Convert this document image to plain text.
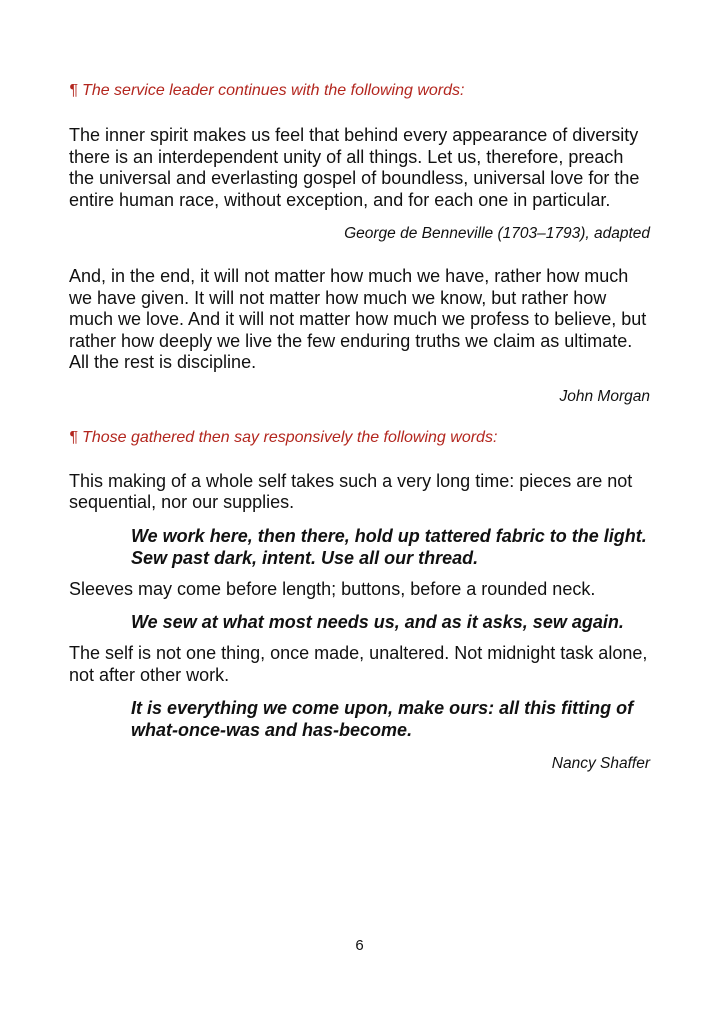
¶ The service leader continues with the following words:

The inner spirit makes us feel that behind every appearance of diversity there is an interdependent unity of all things. Let us, therefore, preach the universal and everlasting gospel of boundless, universal love for the entire human race, without exception, and for each one in particular.

George de Benneville (1703–1793), adapted

And, in the end, it will not matter how much we have, rather how much we have given. It will not matter how much we know, but rather how much we love. And it will not matter how much we profess to believe, but rather how deeply we live the few enduring truths we claim as ultimate. All the rest is discipline.

John Morgan

¶ Those gathered then say responsively the following words:

This making of a whole self takes such a very long time: pieces are not sequential, nor our supplies.

We work here, then there, hold up tattered fabric to the light. Sew past dark, intent. Use all our thread.

Sleeves may come before length; buttons, before a rounded neck.

We sew at what most needs us, and as it asks, sew again.

The self is not one thing, once made, unaltered. Not midnight task alone, not after other work.

It is everything we come upon, make ours: all this fitting of what-once-was and has-become.

Nancy Shaffer

6
